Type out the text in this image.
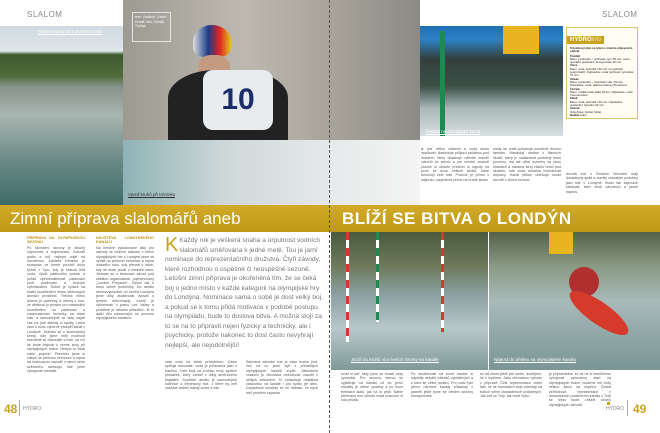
SLALOM
Pohled na kanál z jevního modu
text: Vladimír „Vlaro“ Hradil; foto: Tomáš Tlučhá
10
Vjezd kruhů při tréninku
Zimní příprava slalomářů aneb	BLÍŽÍ SE BITVA O LONDÝN
PŘÍPRAVA NA OLYMPIJSKOU SEZONU

Po skončení sezony je dlouhý odpočinek a regenerace. Zahodit pádlo a loď, nejlépe odjet na dovolenou. Začátek tréninku je rozepsán ve formě prvních dvou týdnů v Tyru, kdy je krásná bílá voda. Vyuití pádlového počasí a pořád upřednostňovat pádlování proti posilování a hrubým vytrvalostem. Dobré je vyrazit na kratší soustředění mimo stereotypní domácí prostředí. Trénink mimo domov je potřebný a účinný v tom, že většinou je prostor pro maximální soustředění na pádlování a zdokonalování techniky na dané trati, a samozřejmě se tady najde čas na jiné aktivity a sporty. Letos nám k tomu výborně prospěl kanál v Londýně. Jednalo se o dlouhodobý kemp, kdy jsme měli možnost seznámit se dokonale s tratí, na níž se bude bojovat o cenné kovy při olympijských hrách. Nebylo to však naše „poprvé“. Premiéru jsme si odbyli na přelomu července a srpna na testovacím závodě v rámci série světového rankingu, kde jsme vybojovali medaile.

NÁVŠTĚVA LONDÝNSKÉHO KANÁLU

Na čerstvě vybudované akci pro závody ve vodním slalomu v rámci olympijských her v Londýně jsme se vydali na přelomu července a srpna loňského roku, kdy přesně v době, kdy se bude jezdit o medaile letos. Jednalo se o testovací závod pod záštitou organizátorů, pojmenovaný „London Prepares“. Závod dal k tomu dobré podmínky. Do areálu severovýchodně od centra Londýna jsme díky zkušenosti vyrazili s týmem dohromady. Kanál je vybudován v parku Lee Valley a prostředí je vskutku přitažlivé. Je to další dílo nasouvající se procesu olympijského stadionu.

K Každý rok je veškerá snaha a urputnost vodních slalomářů směřována k jedné metě. Tou je jarní nominace do reprezentačního družstva. Čtyři závody, které rozhodnou o úspěšné či neúspěšné sezoně. Letošní zimní příprava je okořeněná tím, že se čeká boj o jedno místo v každé kategorii na olympijské hry do Londýna. Nominace sama o sobě je dost velký boj, a pokud se k tomu přidá motivace v podobě postupu na olympiádu, bude to doslova bitva. A možná stojí za to se na to připravit nejen fyzicky a technicky, ale i psychicky, protože nakonec to dost často nevyhrají nejlepší, ale nejodolnější!

vala vodu na lístek průtokohou. Úžasí splňuje dokonale, voda je průzračná jako v bazénu. Celé stojí za zmínku nový systém překážek, který vzešel z dílny amerického kajakáře. Součástí areálu je samozřejmě loděnice a tréninkový trať, z které by měl urážlivě vedení každý vodní s nás.

Samotná závodní trať je zase trochu jiná, než na co jsme byli z předešlých olympijských kanálů zvyklí. Základním znakem je obrovská mohutnost mandlí v užitých sektorech. To způsobuje nestálost válcovitou na kanále i pro hydro jet dění. Dopadnout mnohdy se mi nestalo, že bych měl problém zaparna.

48 HYDRO
SLALOM
Pohled na olympijský kanál
HYDROinfo
Tréninkový plán na týden v zimním přípravném období
Pondělí
Ráno: posilování – rychlostní opt./ 60 min, večer: speciální posilování, kompenzace 30 min.
Úterý
Ráno: voda, technika / 60 min, na úpatních podmínkách, Odpoledne: voda rychlostní vytrvalost 70 min.
Středa
Ráno: posilování – maximální síla / 60 min, Odpoledne: voda, délkové tratě do 80 sekund.
Čtvrtek
Ráno: vzdálá voda/ délky 30 km, Odpoledne: voda / kompenzace.
Pátek
Ráno: voda, technika / 60 min, Odpoledne: posilování, lyžování 30 min.
Sobota
Odpočinek, florbal, fotbal
Neděle volno

je trať velice vrtáními a voda skoro nepůsobí. Následuje průjezd začátkou pod mostem, který obsahuje několik mandlí vdechů za sebou a pro mnohé značně pustne si období přeživší si najedy na první ze dvou větších skoků, které dominují celé trati. Protože je přímo v nájezdu, rozjedeme přímo na hraně skoku

místy se voda pohybuje poměrně dlouho tamtam. Následují drobné z hlavních skoků, který je nadlaminál podobný tomu prvnímu, má ale větší rozměry na obou stranách a oskama stroj válcův hned pod skokem, kde voda dosáhla mohutnosti dopravy. Kanál přitom ulehčuje kuráž dovnitř v cílové rovince.

dovolá trať v Českém Vrbovém mají dostatečný spád a domitý charakter podobný jako trať v Londýně. Budu tak zajímavé sledovat, kteří čeští závodníci a jasně napros.

Jezdí do kruhů více lesích stromy na kanále	Nájezd do přeletu na olympijském kanálu

toval si trať, tady jsem se musel vždy vyzvedat. Pro sezonu, kterou se vyjadřuje na kanálu už do první začátky je velice vydatný a po dvou třetinách stačí, jak na to přijít. Náhle přehnaný bez ohledu malá pracovní či síla přívalu.

Po skutečnosti na konci kanálu si naplnila několik válečků vyleštěných a z toho se velké podání. Pro vodu tyto přímo náročné kanály zůstávají v paměti ještě jsme se během sezóny nezapomněli.

se dá čekat ještě pár změn, doufejme, že k lepšímu. Jako obrovskou výhodu v přípravě Češi reprezentace vidím fakt, že se nominační boje odehrají na tratích velmi charakterově podobných. Jak trať ve Tróji, tak nově výbu.

je připravitelná, že až už si nemůžeme vybojovat vytoužený start na olympijských hrách, budeme mít vždy velkou šanci na úspěch. Česká žebříčková reprezentace v dosavadních podzimcích kanálu v Tróji se letos bude chlubit stovky olympijských závodů.

HYDRO 49
